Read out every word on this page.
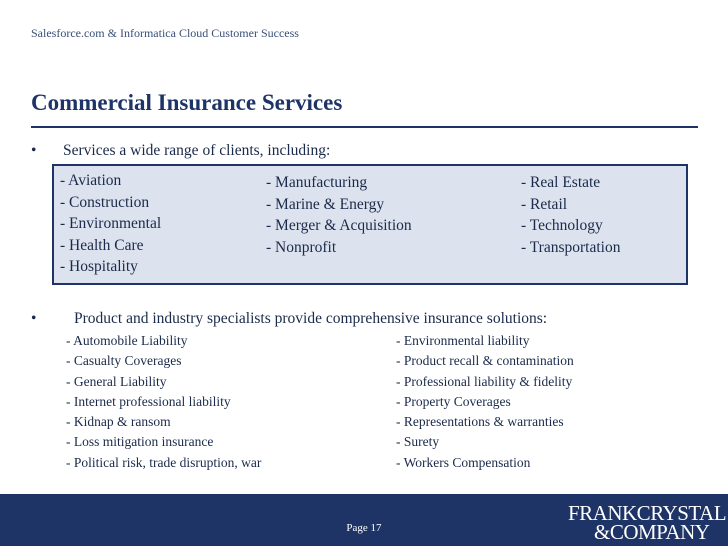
Salesforce.com & Informatica Cloud Customer Success
Commercial Insurance Services
• Services a wide range of clients, including:
- Aviation
- Construction
- Environmental
- Health Care
- Hospitality
- Manufacturing
- Marine & Energy
- Merger & Acquisition
- Nonprofit
- Real Estate
- Retail
- Technology
- Transportation
• Product and industry specialists provide comprehensive insurance solutions:
- Automobile Liability
- Casualty Coverages
- General Liability
- Internet professional liability
- Kidnap & ransom
- Loss mitigation insurance
- Political risk, trade disruption, war
- Environmental liability
- Product recall & contamination
- Professional liability & fidelity
- Property Coverages
- Representations & warranties
- Surety
- Workers Compensation
Page 17
FRANKCRYSTAL
&COMPANY
